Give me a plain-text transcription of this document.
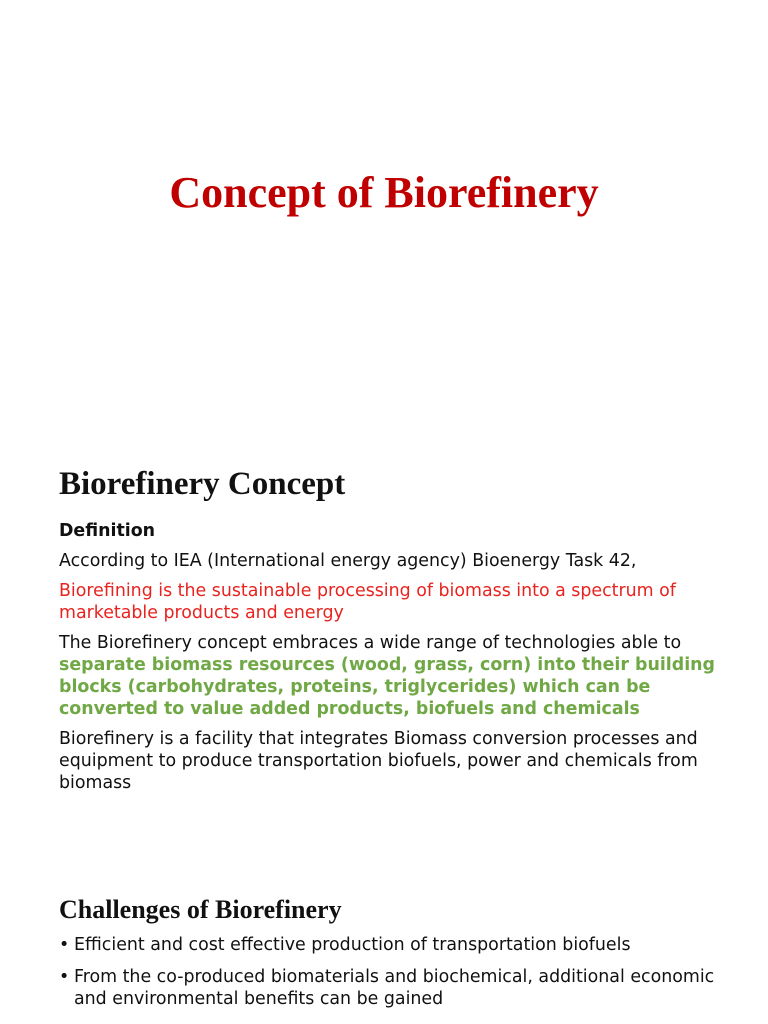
Concept of Biorefinery
Biorefinery Concept

Definition

According to IEA (International energy agency) Bioenergy Task 42,

Biorefining is the sustainable processing of biomass into a spectrum of marketable products and energy

The Biorefinery concept embraces a wide range of technologies able to separate biomass resources (wood, grass, corn) into their building blocks (carbohydrates, proteins, triglycerides) which can be converted to value added products, biofuels and chemicals

Biorefinery is a facility that integrates Biomass conversion processes and equipment to produce transportation biofuels, power and chemicals from biomass

Challenges of Biorefinery
• Efficient and cost effective production of transportation biofuels
• From the co-produced biomaterials and biochemical, additional economic and environmental benefits can be gained
